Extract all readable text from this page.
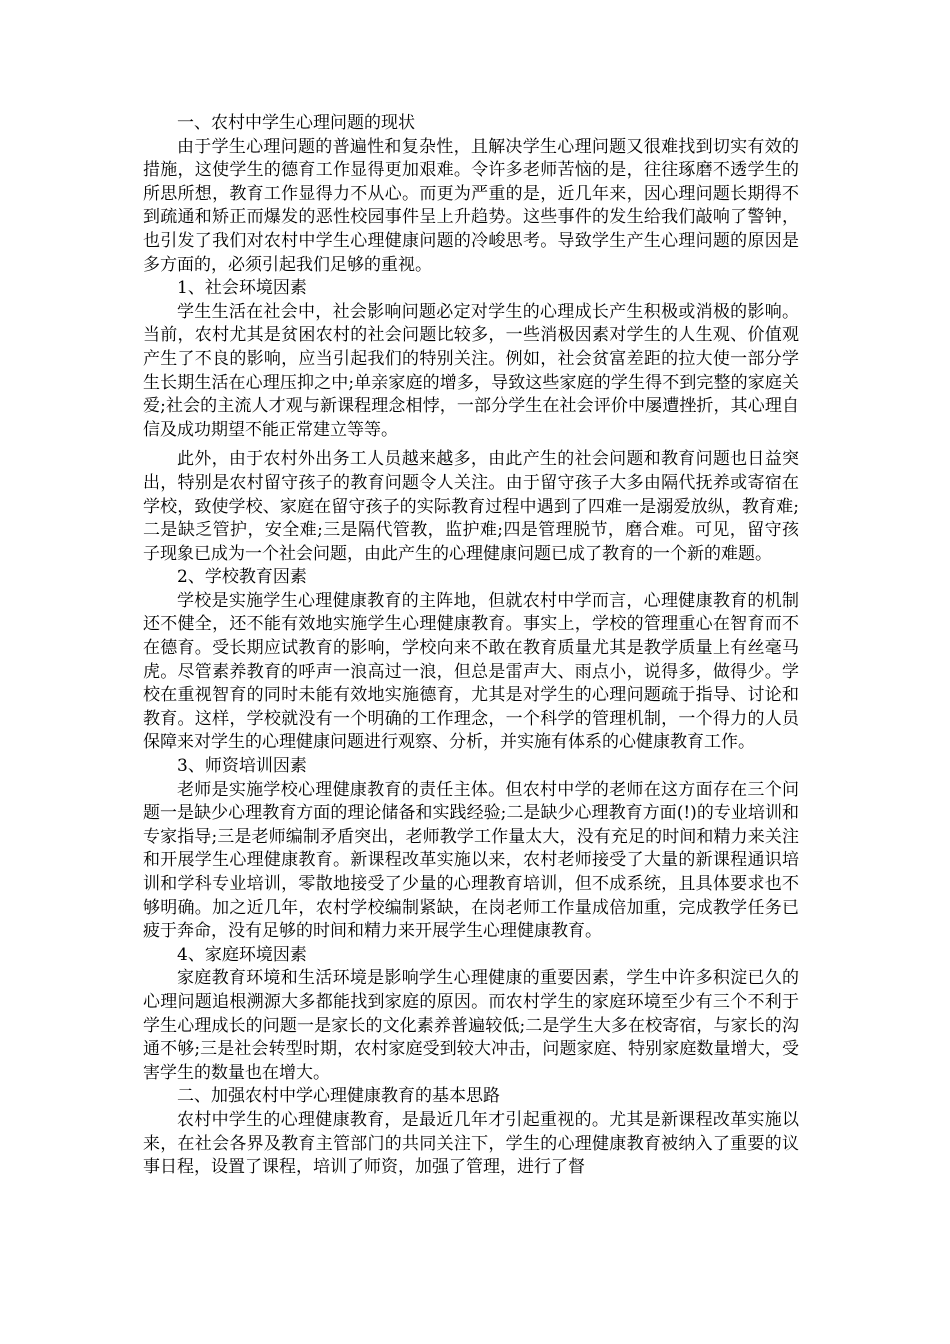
一、农村中学生心理问题的现状

由于学生心理问题的普遍性和复杂性，且解决学生心理问题又很难找到切实有效的措施，这使学生的德育工作显得更加艰难。令许多老师苦恼的是，往往琢磨不透学生的所思所想，教育工作显得力不从心。而更为严重的是，近几年来，因心理问题长期得不到疏通和矫正而爆发的恶性校园事件呈上升趋势。这些事件的发生给我们敲响了警钟，也引发了我们对农村中学生心理健康问题的冷峻思考。导致学生产生心理问题的原因是多方面的，必须引起我们足够的重视。

1、社会环境因素

学生生活在社会中，社会影响问题必定对学生的心理成长产生积极或消极的影响。当前，农村尤其是贫困农村的社会问题比较多，一些消极因素对学生的人生观、价值观产生了不良的影响，应当引起我们的特别关注。例如，社会贫富差距的拉大使一部分学生长期生活在心理压抑之中;单亲家庭的增多，导致这些家庭的学生得不到完整的家庭关爱;社会的主流人才观与新课程理念相悖，一部分学生在社会评价中屡遭挫折，其心理自信及成功期望不能正常建立等等。

此外，由于农村外出务工人员越来越多，由此产生的社会问题和教育问题也日益突出，特别是农村留守孩子的教育问题令人关注。由于留守孩子大多由隔代抚养或寄宿在学校，致使学校、家庭在留守孩子的实际教育过程中遇到了四难一是溺爱放纵，教育难;二是缺乏管护，安全难;三是隔代管教，监护难;四是管理脱节，磨合难。可见，留守孩子现象已成为一个社会问题，由此产生的心理健康问题已成了教育的一个新的难题。

2、学校教育因素

学校是实施学生心理健康教育的主阵地，但就农村中学而言，心理健康教育的机制还不健全，还不能有效地实施学生心理健康教育。事实上，学校的管理重心在智育而不在德育。受长期应试教育的影响，学校向来不敢在教育质量尤其是教学质量上有丝毫马虎。尽管素养教育的呼声一浪高过一浪，但总是雷声大、雨点小，说得多，做得少。学校在重视智育的同时未能有效地实施德育，尤其是对学生的心理问题疏于指导、讨论和教育。这样，学校就没有一个明确的工作理念，一个科学的管理机制，一个得力的人员保障来对学生的心理健康问题进行观察、分析，并实施有体系的心健康教育工作。

3、师资培训因素

老师是实施学校心理健康教育的责任主体。但农村中学的老师在这方面存在三个问题一是缺少心理教育方面的理论储备和实践经验;二是缺少心理教育方面(!)的专业培训和专家指导;三是老师编制矛盾突出，老师教学工作量太大，没有充足的时间和精力来关注和开展学生心理健康教育。新课程改革实施以来，农村老师接受了大量的新课程通识培训和学科专业培训，零散地接受了少量的心理教育培训，但不成系统，且具体要求也不够明确。加之近几年，农村学校编制紧缺，在岗老师工作量成倍加重，完成教学任务已疲于奔命，没有足够的时间和精力来开展学生心理健康教育。

4、家庭环境因素

家庭教育环境和生活环境是影响学生心理健康的重要因素，学生中许多积淀已久的心理问题追根溯源大多都能找到家庭的原因。而农村学生的家庭环境至少有三个不利于学生心理成长的问题一是家长的文化素养普遍较低;二是学生大多在校寄宿，与家长的沟通不够;三是社会转型时期，农村家庭受到较大冲击，问题家庭、特别家庭数量增大，受害学生的数量也在增大。

二、加强农村中学心理健康教育的基本思路

农村中学生的心理健康教育，是最近几年才引起重视的。尤其是新课程改革实施以来，在社会各界及教育主管部门的共同关注下，学生的心理健康教育被纳入了重要的议事日程，设置了课程，培训了师资，加强了管理，进行了督
